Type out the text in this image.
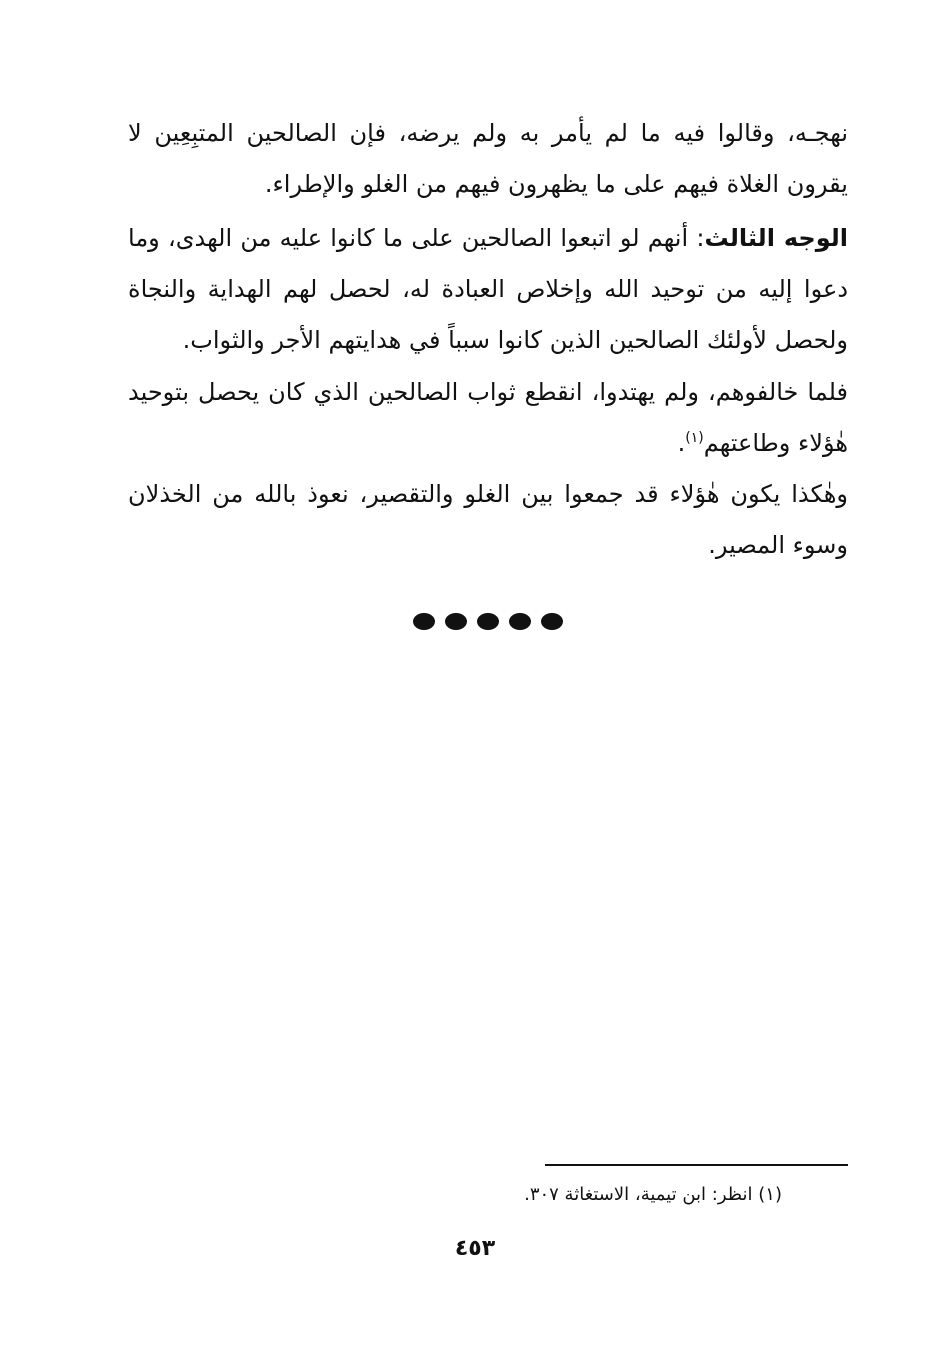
نهجـه، وقالوا فيه ما لم يأمر به ولم يرضه، فإن الصالحين المتبِعِين لا يقرون الغلاة فيهم على ما يظهرون فيهم من الغلو والإطراء.

الوجه الثالث: أنهم لو اتبعوا الصالحين على ما كانوا عليه من الهدى، وما دعوا إليه من توحيد الله وإخلاص العبادة له، لحصل لهم الهداية والنجاة ولحصل لأولئك الصالحين الذين كانوا سبباً في هدايتهم الأجر والثواب.

فلما خالفوهم، ولم يهتدوا، انقطع ثواب الصالحين الذي كان يحصل بتوحيد هٰؤلاء وطاعتهم$^{(١)}$.

وهٰكذا يكون هٰؤلاء قد جمعوا بين الغلو والتقصير، نعوذ بالله من الخذلان وسوء المصير.

(١) انظر: ابن تيمية، الاستغاثة ٣٠٧.
٤٥٣
